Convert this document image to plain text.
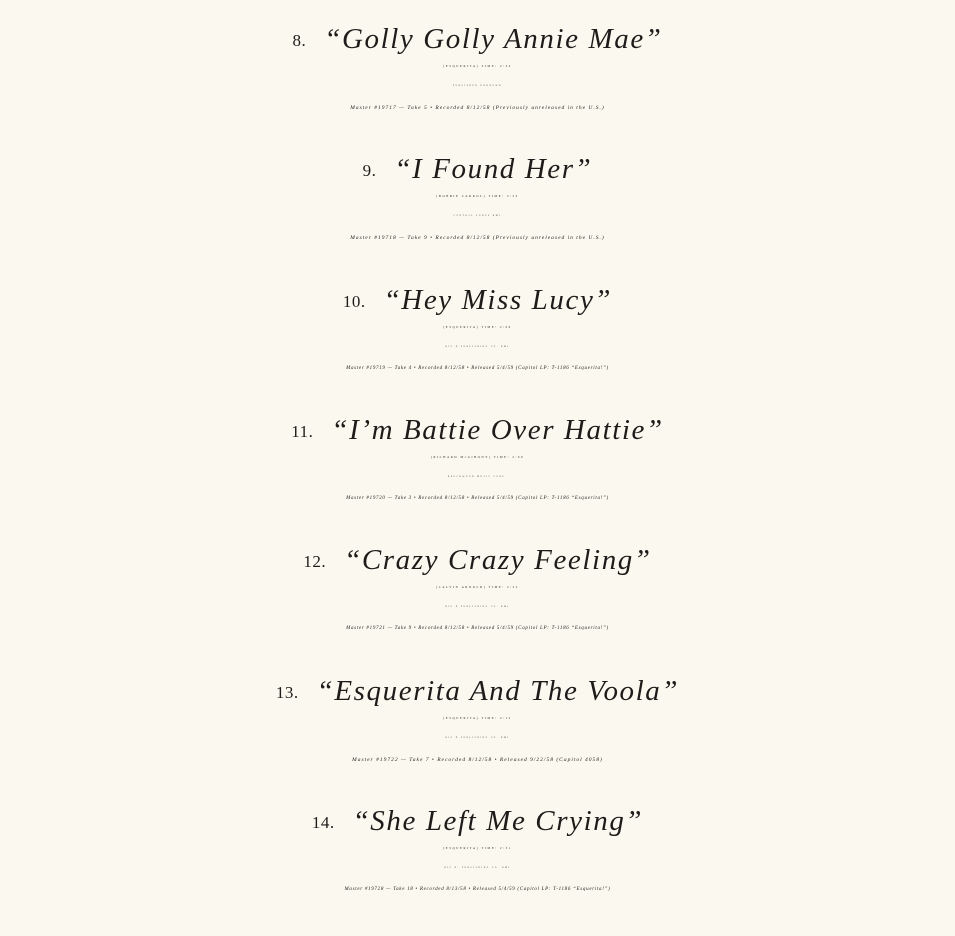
8. “Golly Golly Annie Mae”
(ESQUERITA) TIME: 2:34
PUBLISHER UNKNOWN
Master #19717 — Take 5 • Recorded 8/12/58 (Previously unreleased in the U.S.)
9. “I Found Her”
(BOBBIE CARROL) TIME: 2:33
CENTRAL SONGS BMI
Master #19718 — Take 9 • Recorded 8/12/58 (Previously unreleased in the U.S.)
10. “Hey Miss Lucy”
(ESQUERITA) TIME: 2:06
BIG D PUBLISHING CO. BMI
Master #19719 — Take 4 • Recorded 8/12/58 • Released 5/4/59 (Capitol LP: T-1186 “Esquerita!”)
11. “I’m Battie Over Hattie”
(RICHARD McGIBONY) TIME: 2:09
BEECHWOOD MUSIC CORP.
Master #19720 — Take 3 • Recorded 8/12/58 • Released 5/4/59 (Capitol LP: T-1186 “Esquerita!”)
12. “Crazy Crazy Feeling”
(CALVIN ARNOLD) TIME: 2:22
BIG D PUBLISHING CO. BMI
Master #19721 — Take 9 • Recorded 8/12/58 • Released 5/4/59 (Capitol LP: T-1186 “Esquerita!”)
13. “Esquerita And The Voola”
(ESQUERITA) TIME: 2:12
BIG D PUBLISHING CO. BMI
Master #19722 — Take 7 • Recorded 8/12/58 • Released 9/22/58 (Capitol 4058)
14. “She Left Me Crying”
(ESQUERITA) TIME: 2:31
BIG D. PUBLISHING CO. BMI
Master #19728 — Take 18 • Recorded 8/13/58 • Released 5/4/59 (Capitol LP: T-1186 “Esquerita!”)
